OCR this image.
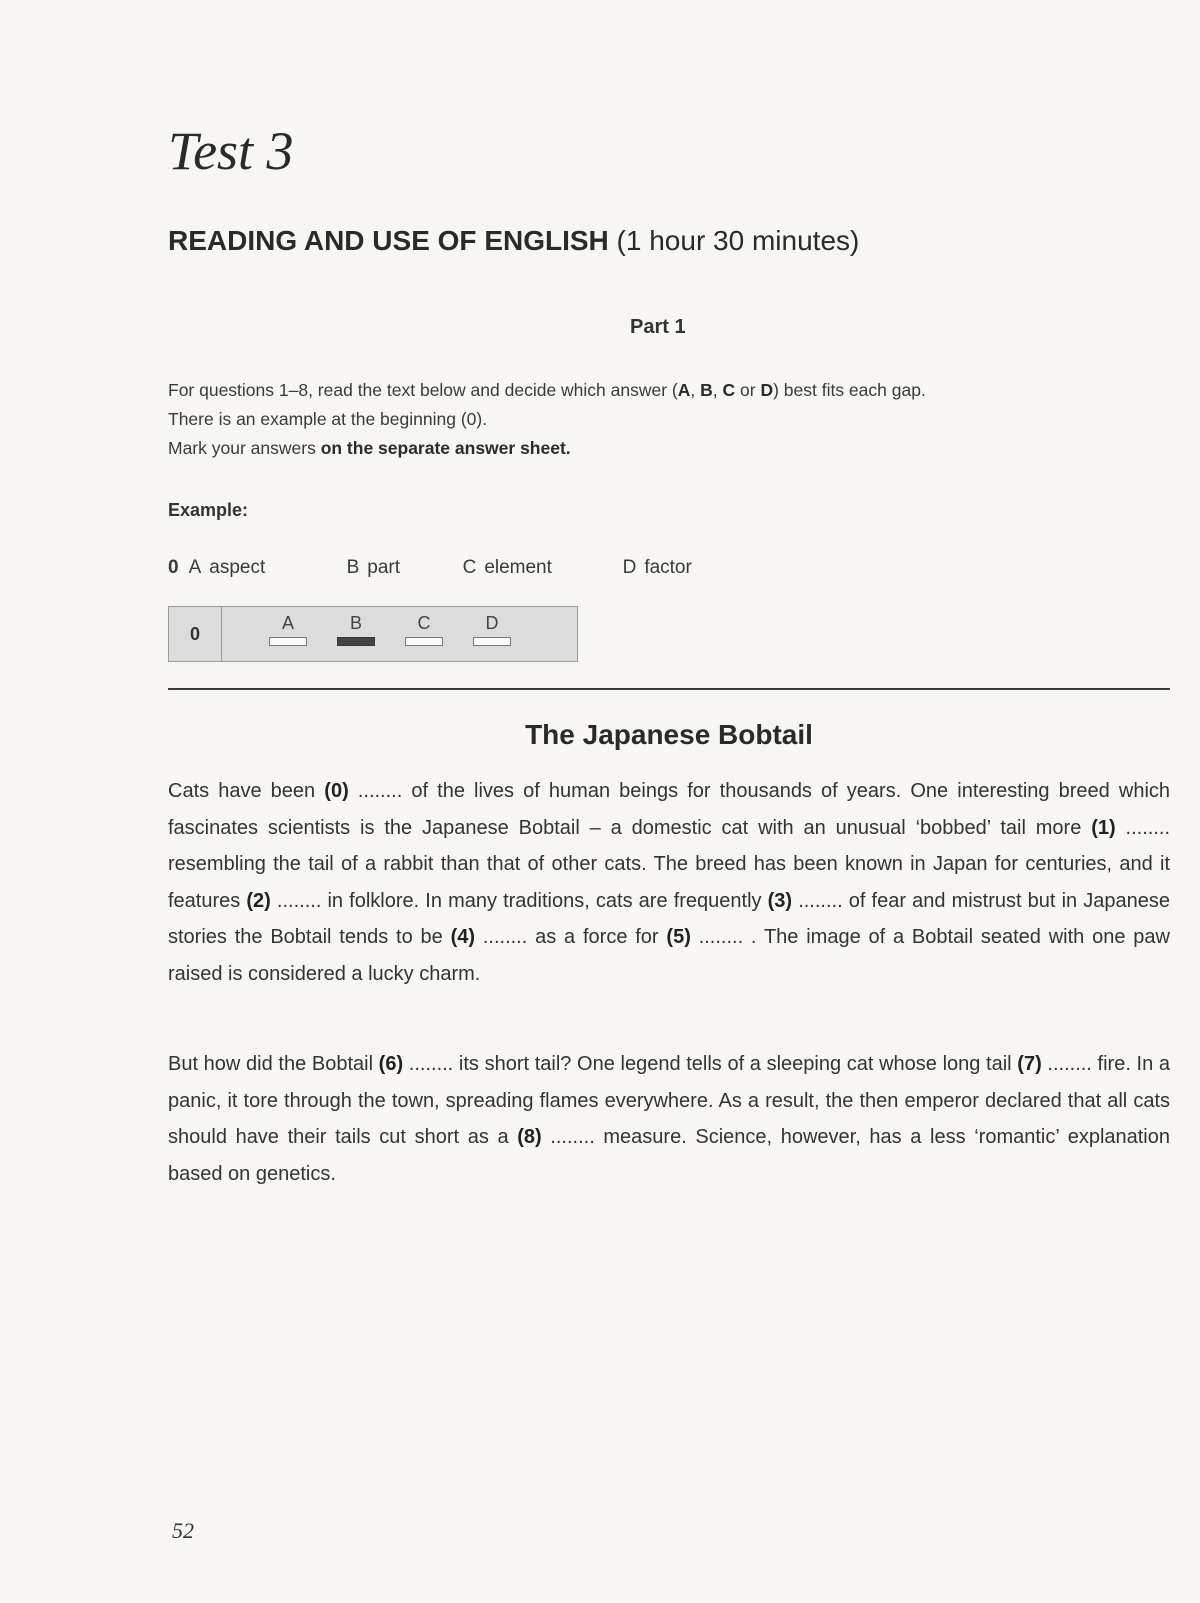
Test 3
READING AND USE OF ENGLISH (1 hour 30 minutes)
Part 1

For questions 1–8, read the text below and decide which answer (A, B, C or D) best fits each gap.

There is an example at the beginning (0).

Mark your answers on the separate answer sheet.

Example:
0 A aspect	B part	C element	D factor
0
A	B	C	D
The Japanese Bobtail

Cats have been (0) ........ of the lives of human beings for thousands of years. One interesting breed which fascinates scientists is the Japanese Bobtail – a domestic cat with an unusual ‘bobbed’ tail more (1) ........ resembling the tail of a rabbit than that of other cats. The breed has been known in Japan for centuries, and it features (2) ........ in folklore. In many traditions, cats are frequently (3) ........ of fear and mistrust but in Japanese stories the Bobtail tends to be (4) ........ as a force for (5) ........ . The image of a Bobtail seated with one paw raised is considered a lucky charm.

But how did the Bobtail (6) ........ its short tail? One legend tells of a sleeping cat whose long tail (7) ........ fire. In a panic, it tore through the town, spreading flames everywhere. As a result, the then emperor declared that all cats should have their tails cut short as a (8) ........ measure. Science, however, has a less ‘romantic’ explanation based on genetics.

52
